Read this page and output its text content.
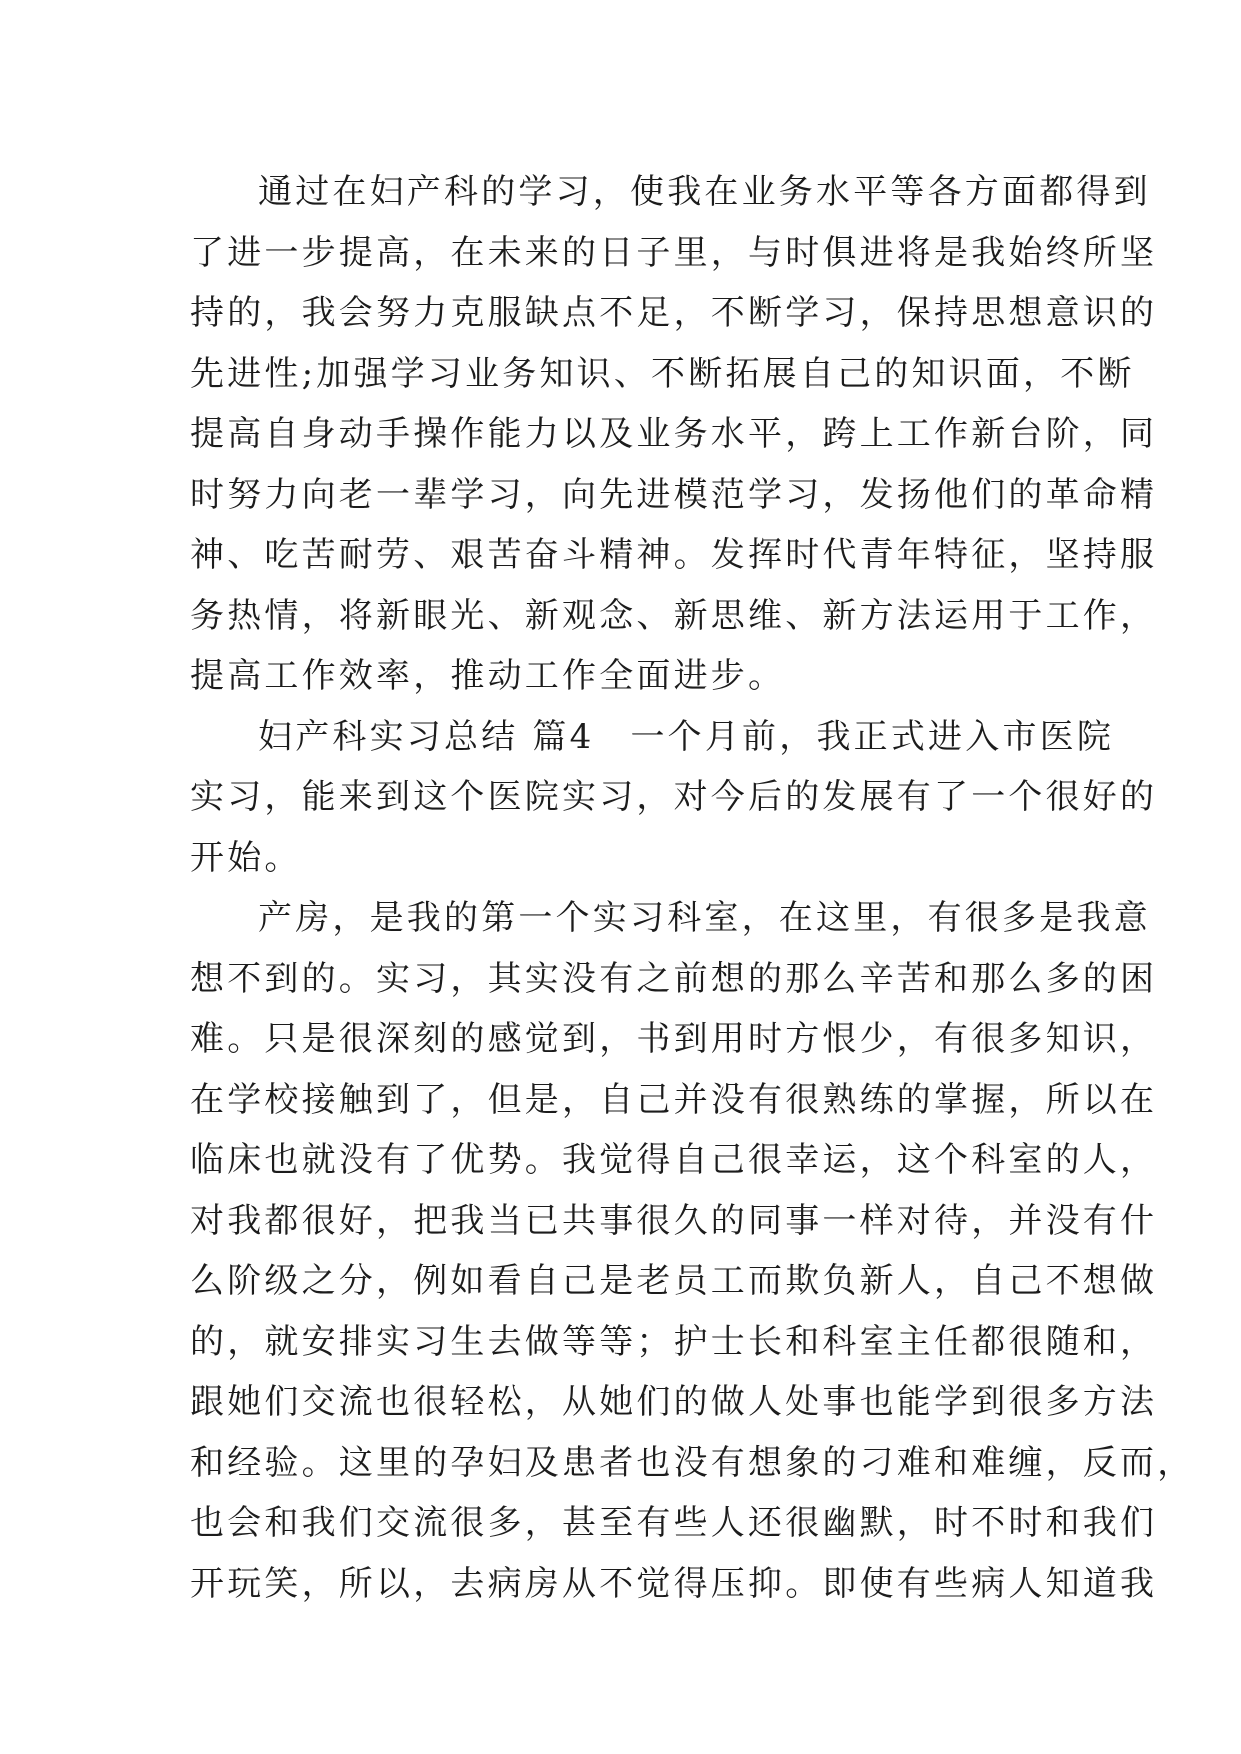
通过在妇产科的学习，使我在业务水平等各方面都得到
了进一步提高，在未来的日子里，与时俱进将是我始终所坚
持的，我会努力克服缺点不足，不断学习，保持思想意识的
先进性;加强学习业务知识、不断拓展自己的知识面，不断
提高自身动手操作能力以及业务水平，跨上工作新台阶，同
时努力向老一辈学习，向先进模范学习，发扬他们的革命精
神、吃苦耐劳、艰苦奋斗精神。发挥时代青年特征，坚持服
务热情，将新眼光、新观念、新思维、新方法运用于工作，
提高工作效率，推动工作全面进步。
妇产科实习总结 篇4 一个月前，我正式进入市医院
实习，能来到这个医院实习，对今后的发展有了一个很好的
开始。
产房，是我的第一个实习科室，在这里，有很多是我意
想不到的。实习，其实没有之前想的那么辛苦和那么多的困
难。只是很深刻的感觉到，书到用时方恨少，有很多知识，
在学校接触到了，但是，自己并没有很熟练的掌握，所以在
临床也就没有了优势。我觉得自己很幸运，这个科室的人，
对我都很好，把我当已共事很久的同事一样对待，并没有什
么阶级之分，例如看自己是老员工而欺负新人，自己不想做
的，就安排实习生去做等等；护士长和科室主任都很随和，
跟她们交流也很轻松，从她们的做人处事也能学到很多方法
和经验。这里的孕妇及患者也没有想象的刁难和难缠，反而，
也会和我们交流很多，甚至有些人还很幽默，时不时和我们
开玩笑，所以，去病房从不觉得压抑。即使有些病人知道我
